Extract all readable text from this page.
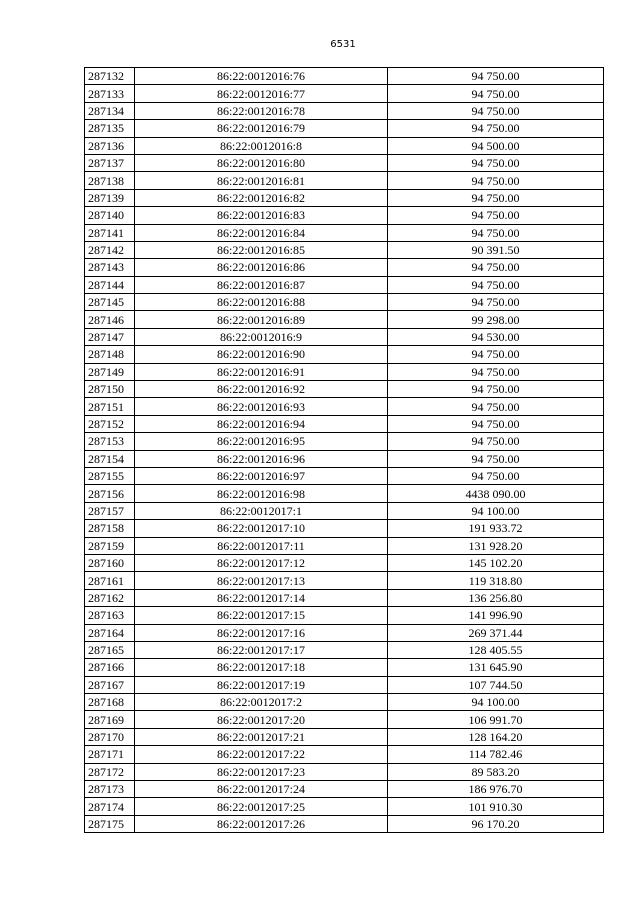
6531
287132	86:22:0012016:76	94 750.00
287133	86:22:0012016:77	94 750.00
287134	86:22:0012016:78	94 750.00
287135	86:22:0012016:79	94 750.00
287136	86:22:0012016:8	94 500.00
287137	86:22:0012016:80	94 750.00
287138	86:22:0012016:81	94 750.00
287139	86:22:0012016:82	94 750.00
287140	86:22:0012016:83	94 750.00
287141	86:22:0012016:84	94 750.00
287142	86:22:0012016:85	90 391.50
287143	86:22:0012016:86	94 750.00
287144	86:22:0012016:87	94 750.00
287145	86:22:0012016:88	94 750.00
287146	86:22:0012016:89	99 298.00
287147	86:22:0012016:9	94 530.00
287148	86:22:0012016:90	94 750.00
287149	86:22:0012016:91	94 750.00
287150	86:22:0012016:92	94 750.00
287151	86:22:0012016:93	94 750.00
287152	86:22:0012016:94	94 750.00
287153	86:22:0012016:95	94 750.00
287154	86:22:0012016:96	94 750.00
287155	86:22:0012016:97	94 750.00
287156	86:22:0012016:98	4438 090.00
287157	86:22:0012017:1	94 100.00
287158	86:22:0012017:10	191 933.72
287159	86:22:0012017:11	131 928.20
287160	86:22:0012017:12	145 102.20
287161	86:22:0012017:13	119 318.80
287162	86:22:0012017:14	136 256.80
287163	86:22:0012017:15	141 996.90
287164	86:22:0012017:16	269 371.44
287165	86:22:0012017:17	128 405.55
287166	86:22:0012017:18	131 645.90
287167	86:22:0012017:19	107 744.50
287168	86:22:0012017:2	94 100.00
287169	86:22:0012017:20	106 991.70
287170	86:22:0012017:21	128 164.20
287171	86:22:0012017:22	114 782.46
287172	86:22:0012017:23	89 583.20
287173	86:22:0012017:24	186 976.70
287174	86:22:0012017:25	101 910.30
287175	86:22:0012017:26	96 170.20
